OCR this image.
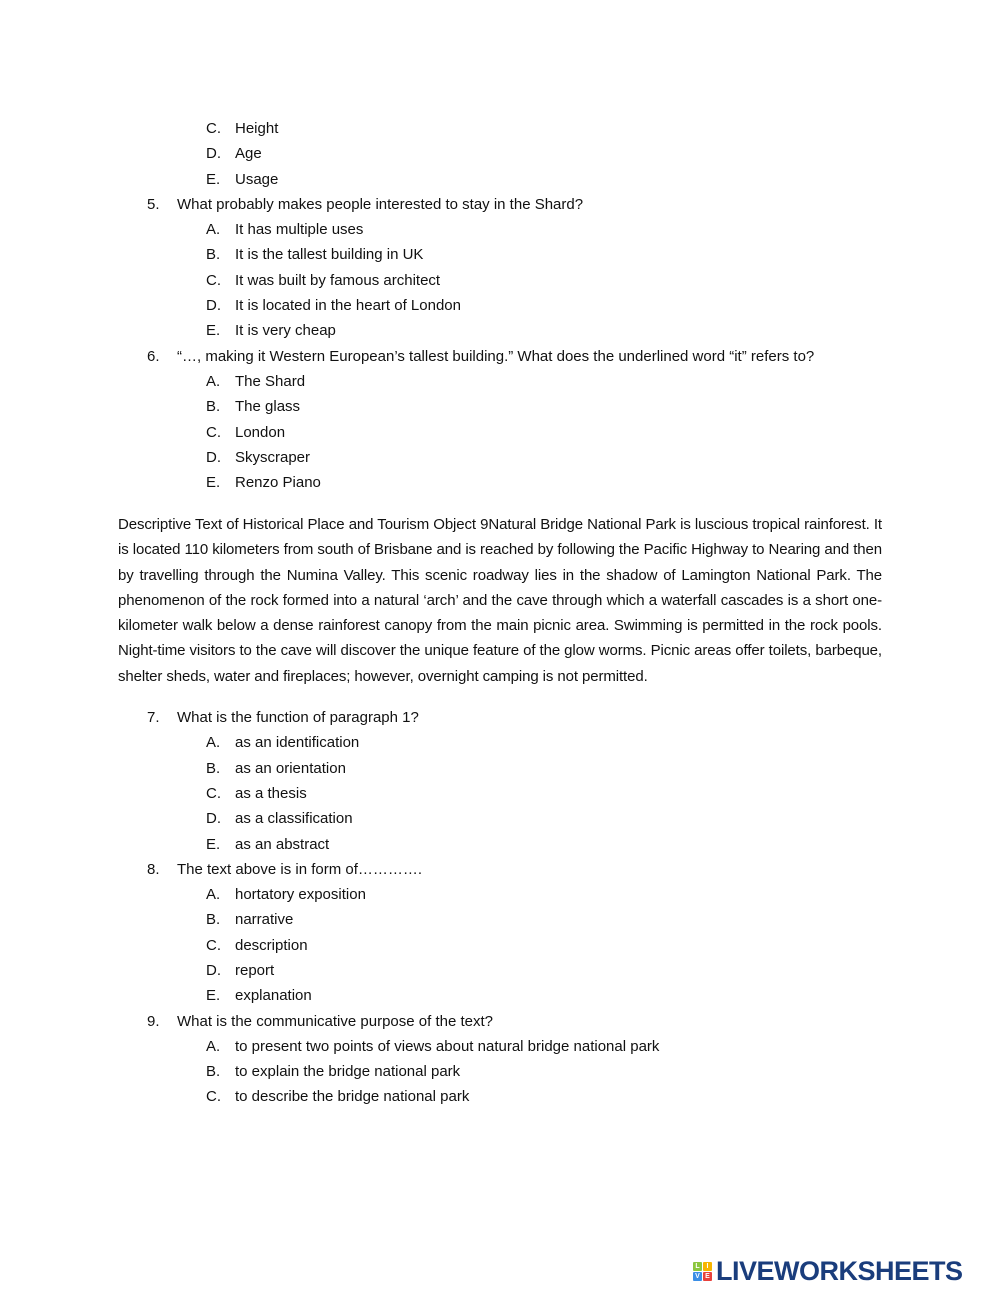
C. Height
D. Age
E. Usage
5. What probably makes people interested to stay in the Shard?
A. It has multiple uses
B. It is the tallest building in UK
C. It was built by famous architect
D. It is located in the heart of London
E. It is very cheap
6. “…, making it Western European’s tallest building.” What does the underlined word “it” refers to?
A. The Shard
B. The glass
C. London
D. Skyscraper
E. Renzo Piano

Descriptive Text of Historical Place and Tourism Object 9Natural Bridge National Park is luscious tropical rainforest. It is located 110 kilometers from south of Brisbane and is reached by following the Pacific Highway to Nearing and then by travelling through the Numina Valley. This scenic roadway lies in the shadow of Lamington National Park. The phenomenon of the rock formed into a natural ‘arch’ and the cave through which a waterfall cascades is a short one-kilometer walk below a dense rainforest canopy from the main picnic area. Swimming is permitted in the rock pools. Night-time visitors to the cave will discover the unique feature of the glow worms. Picnic areas offer toilets, barbeque, shelter sheds, water and fireplaces; however, overnight camping is not permitted.

7. What is the function of paragraph 1?
A. as an identification
B. as an orientation
C. as a thesis
D. as a classification
E. as an abstract
8. The text above is in form of………….
A. hortatory exposition
B. narrative
C. description
D. report
E. explanation
9. What is the communicative purpose of the text?
A. to present two points of views about natural bridge national park
B. to explain the bridge national park
C. to describe the bridge national park
L I
V E LIVEWORKSHEETS
